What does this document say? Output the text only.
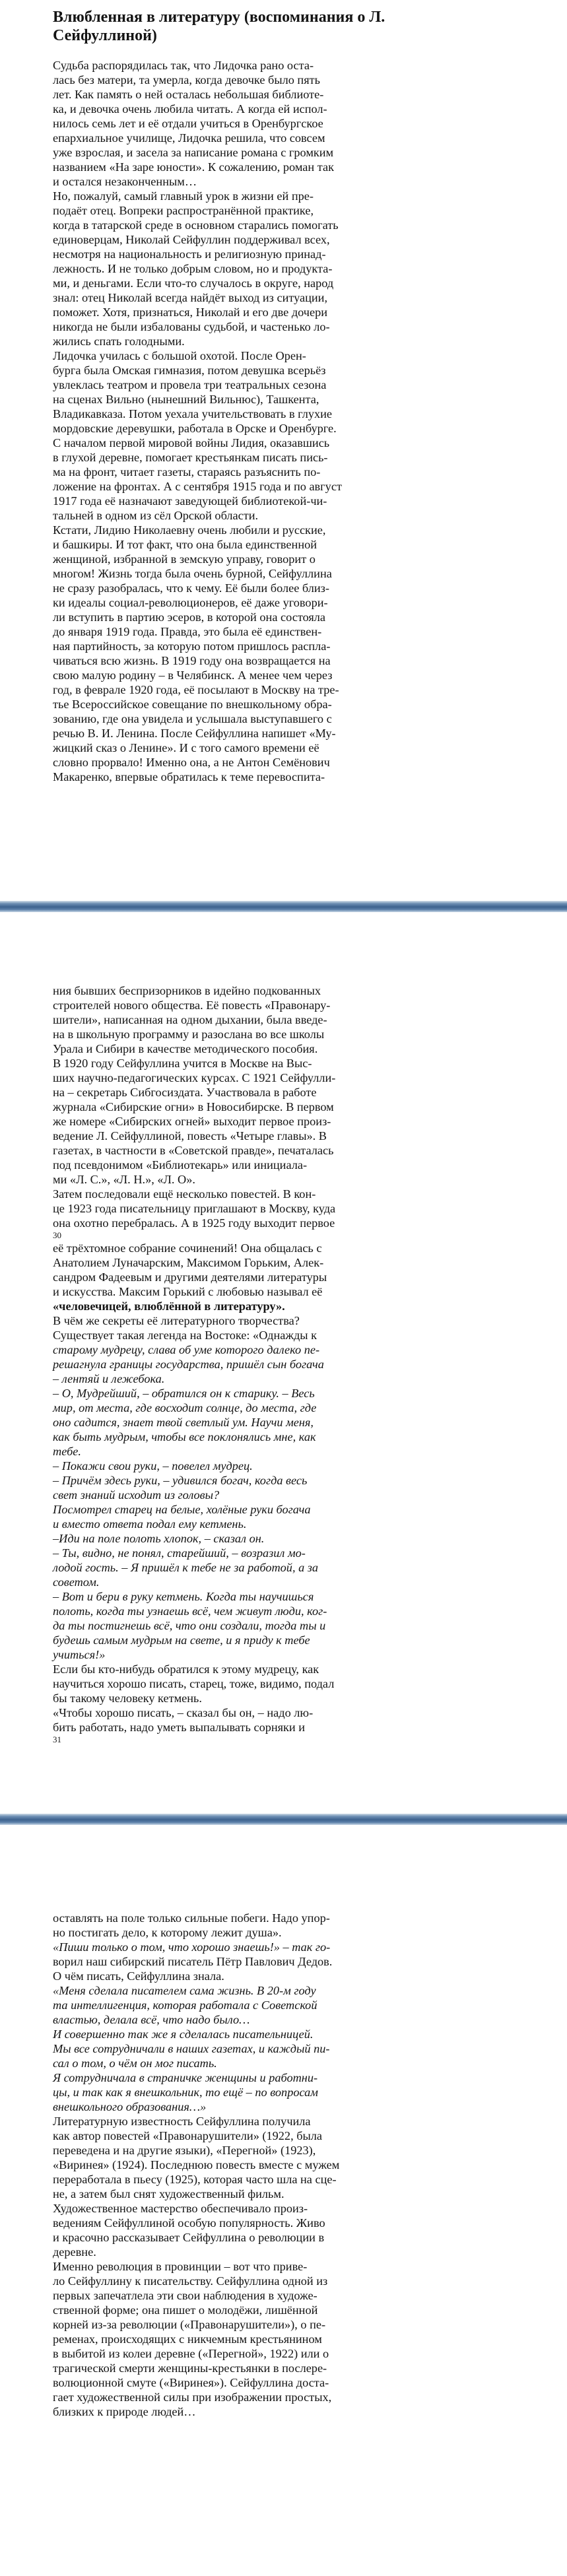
Влюбленная в литературу (воспоминания о Л.
Сейфуллиной)
Судьба распорядилась так, что Лидочка рано оста-
лась без матери, та умерла, когда девочке было пять
лет. Как память о ней осталась небольшая библиоте-
ка, и девочка очень любила читать. А когда ей испол-
нилось семь лет и её отдали учиться в Оренбургское
епархиальное училище, Лидочка решила, что совсем
уже взрослая, и засела за написание романа с громким
названием «На заре юности». К сожалению, роман так
и остался незаконченным…
Но, пожалуй, самый главный урок в жизни ей пре-
подаёт отец. Вопреки распространённой практике,
когда в татарской среде в основном старались помогать
единоверцам, Николай Сейфуллин поддерживал всех,
несмотря на национальность и религиозную принад-
лежность. И не только добрым словом, но и продукта-
ми, и деньгами. Если что-то случалось в округе, народ
знал: отец Николай всегда найдёт выход из ситуации,
поможет. Хотя, признаться, Николай и его две дочери
никогда не были избалованы судьбой, и частенько ло-
жились спать голодными.
Лидочка училась с большой охотой. После Орен-
бурга была Омская гимназия, потом девушка всерьёз
увлеклась театром и провела три театральных сезона
на сценах Вильно (нынешний Вильнюс), Ташкента,
Владикавказа. Потом уехала учительствовать в глухие
мордовские деревушки, работала в Орске и Оренбурге.
С началом первой мировой войны Лидия, оказавшись
в глухой деревне, помогает крестьянкам писать пись-
ма на фронт, читает газеты, стараясь разъяснить по-
ложение на фронтах. А с сентября 1915 года и по август
1917 года её назначают заведующей библиотекой-чи-
тальней в одном из сёл Орской области.
Кстати, Лидию Николаевну очень любили и русские,
и башкиры. И тот факт, что она была единственной
женщиной, избранной в земскую управу, говорит о
многом! Жизнь тогда была очень бурной, Сейфуллина
не сразу разобралась, что к чему. Её были более близ-
ки идеалы социал-революционеров, её даже уговори-
ли вступить в партию эсеров, в которой она состояла
до января 1919 года. Правда, это была её единствен-
ная партийность, за которую потом пришлось распла-
чиваться всю жизнь. В 1919 году она возвращается на
свою малую родину – в Челябинск. А менее чем через
год, в феврале 1920 года, её посылают в Москву на тре-
тье Всероссийское совещание по внешкольному обра-
зованию, где она увидела и услышала выступавшего с
речью В. И. Ленина. После Сейфуллина напишет «Му-
жицкий сказ о Ленине». И с того самого времени её
словно прорвало! Именно она, а не Антон Семёнович
Макаренко, впервые обратилась к теме перевоспита-
ния бывших беспризорников в идейно подкованных
строителей нового общества. Её повесть «Правонару-
шители», написанная на одном дыхании, была введе-
на в школьную программу и разослана во все школы
Урала и Сибири в качестве методического пособия.
В 1920 году Сейфуллина учится в Москве на Выс-
ших научно-педагогических курсах. С 1921 Сейфулли-
на – секретарь Сибгосиздата. Участвовала в работе
журнала «Сибирские огни» в Новосибирске. В первом
же номере «Сибирских огней» выходит первое произ-
ведение Л. Сейфуллиной, повесть «Четыре главы». В
газетах, в частности в «Советской правде», печаталась
под псевдонимом «Библиотекарь» или инициала-
ми «Л. С.», «Л. Н.», «Л. О».
Затем последовали ещё несколько повестей. В кон-
це 1923 года писательницу приглашают в Москву, куда
она охотно перебралась. А в 1925 году выходит первое
30
её трёхтомное собрание сочинений! Она общалась с
Анатолием Луначарским, Максимом Горьким, Алек-
сандром Фадеевым и другими деятелями литературы
и искусства. Максим Горький с любовью называл её
«человечицей, влюблённой в литературу».
В чём же секреты её литературного творчества?
Существует такая легенда на Востоке: «Однажды к
старому мудрецу, слава об уме которого далеко пе-
решагнула границы государства, пришёл сын богача
– лентяй и лежебока.
– О, Мудрейший, – обратился он к старику. – Весь
мир, от места, где восходит солнце, до места, где
оно садится, знает твой светлый ум. Научи меня,
как быть мудрым, чтобы все поклонялись мне, как
тебе.
– Покажи свои руки, – повелел мудрец.
– Причём здесь руки, – удивился богач, когда весь
свет знаний исходит из головы?
Посмотрел старец на белые, холёные руки богача
и вместо ответа подал ему кетмень.
–Иди на поле полоть хлопок, – сказал он.
– Ты, видно, не понял, старейший, – возразил мо-
лодой гость. – Я пришёл к тебе не за работой, а за
советом.
– Вот и бери в руку кетмень. Когда ты научишься
полоть, когда ты узнаешь всё, чем живут люди, ког-
да ты постигнешь всё, что они создали, тогда ты и
будешь самым мудрым на свете, и я приду к тебе
учиться!»
Если бы кто-нибудь обратился к этому мудрецу, как
научиться хорошо писать, старец, тоже, видимо, подал
бы такому человеку кетмень.
«Чтобы хорошо писать, – сказал бы он, – надо лю-
бить работать, надо уметь выпалывать сорняки и
31
оставлять на поле только сильные побеги. Надо упор-
но постигать дело, к которому лежит душа».
«Пиши только о том, что хорошо знаешь!» – так го-
ворил наш сибирский писатель Пётр Павлович Дедов.
О чём писать, Сейфуллина знала.
«Меня сделала писателем сама жизнь. В 20-м году
та интеллигенция, которая работала с Советской
властью, делала всё, что надо было…
И совершенно так же я сделалась писательницей.
Мы все сотрудничали в наших газетах, и каждый пи-
сал о том, о чём он мог писать.
Я сотрудничала в страничке женщины и работни-
цы, и так как я внешкольник, то ещё – по вопросам
внешкольного образования…»
Литературную известность Сейфуллина получила
как автор повестей «Правонарушители» (1922, была
переведена и на другие языки), «Перегной» (1923),
«Виринея» (1924). Последнюю повесть вместе с мужем
переработала в пьесу (1925), которая часто шла на сце-
не, а затем был снят художественный фильм.
Художественное мастерство обеспечивало произ-
ведениям Сейфуллиной особую популярность. Живо
и красочно рассказывает Сейфуллина о революции в
деревне.
Именно революция в провинции – вот что приве-
ло Сейфуллину к писательству. Сейфуллина одной из
первых запечатлела эти свои наблюдения в художе-
ственной форме; она пишет о молодёжи, лишённой
корней из-за революции («Правонарушители»), о пе-
ременах, происходящих с никчемным крестьянином
в выбитой из колеи деревне («Перегной», 1922) или о
трагической смерти женщины-крестьянки в послере-
волюционной смуте («Виринея»). Сейфуллина доста-
гает художественной силы при изображении простых,
близких к природе людей…
